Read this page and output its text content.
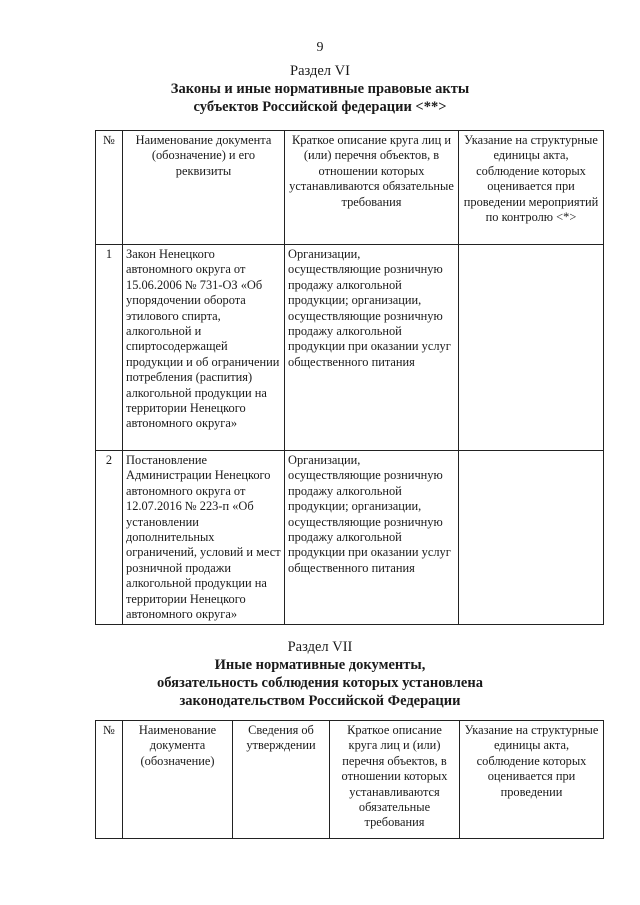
9
Раздел VI
Законы и иные нормативные правовые акты
субъектов Российской федерации <**>
№	Наименование документа (обозначение) и его реквизиты	Краткое описание круга лиц и (или) перечня объектов, в отношении которых устанавливаются обязательные требования	Указание на структурные единицы акта, соблюдение которых оценивается при проведении мероприятий по контролю <*>
1	Закон Ненецкого автономного округа от 15.06.2006 № 731-ОЗ «Об упорядочении оборота этилового спирта, алкогольной и спиртосодержащей продукции и об ограничении потребления (распития) алкогольной продукции на территории Ненецкого автономного округа»	Организации, осуществляющие розничную продажу алкогольной продукции; организации, осуществляющие розничную продажу алкогольной продукции при оказании услуг общественного питания	
2	Постановление Администрации Ненецкого автономного округа от 12.07.2016 № 223-п «Об установлении дополнительных ограничений, условий и мест розничной продажи алкогольной продукции на территории Ненецкого автономного округа»	Организации, осуществляющие розничную продажу алкогольной продукции; организации, осуществляющие розничную продажу алкогольной продукции при оказании услуг общественного питания	
Раздел VII
Иные нормативные документы,
обязательность соблюдения которых установлена
законодательством Российской Федерации
№	Наименование документа (обозначение)	Сведения об утверждении	Краткое описание круга лиц и (или) перечня объектов, в отношении которых устанавливаются обязательные требования	Указание на структурные единицы акта, соблюдение которых оценивается при проведении
